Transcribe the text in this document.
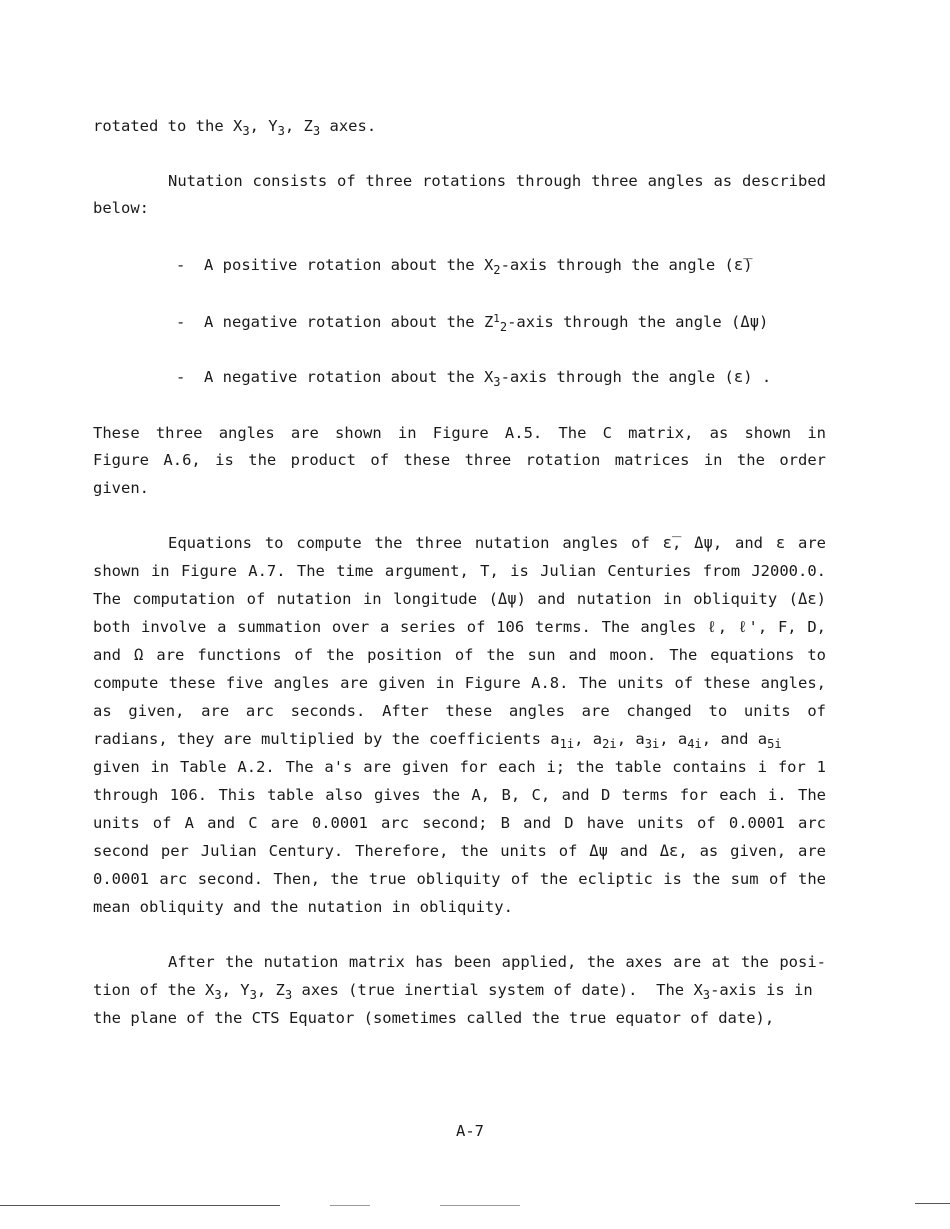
A-7
rotated to the $X_3$, $Y_3$, $Z_3$ axes.
Nutation consists of three rotations through three angles as described
below:
-  A positive rotation about the $X_2$-axis through the angle (ε̅)
-  A negative rotation about the $Z^1_2$-axis through the angle (Δψ)
-  A negative rotation about the $X_3$-axis through the angle (ε) .
These three angles are shown in Figure A.5. The C matrix, as shown in
Figure A.6, is the product of these three rotation matrices in the order
given.
Equations to compute the three nutation angles of ε̅, Δψ, and ε are
shown in Figure A.7. The time argument, T, is Julian Centuries from J2000.0.
The computation of nutation in longitude (Δψ) and nutation in obliquity (Δε)
both involve a summation over a series of 106 terms. The angles ℓ, ℓ', F, D,
and Ω are functions of the position of the sun and moon. The equations to
compute these five angles are given in Figure A.8. The units of these angles,
as given, are arc seconds. After these angles are changed to units of
radians, they are multiplied by the coefficients $a_{1i}$, $a_{2i}$, $a_{3i}$, $a_{4i}$, and $a_{5i}$
given in Table A.2. The a's are given for each i; the table contains i for 1
through 106. This table also gives the A, B, C, and D terms for each i. The
units of A and C are 0.0001 arc second; B and D have units of 0.0001 arc
second per Julian Century. Therefore, the units of Δψ and Δε, as given, are
0.0001 arc second. Then, the true obliquity of the ecliptic is the sum of the
mean obliquity and the nutation in obliquity.
After the nutation matrix has been applied, the axes are at the posi-
tion of the $X_3$, $Y_3$, $Z_3$ axes (true inertial system of date).  The $X_3$-axis is in
the plane of the CTS Equator (sometimes called the true equator of date),
